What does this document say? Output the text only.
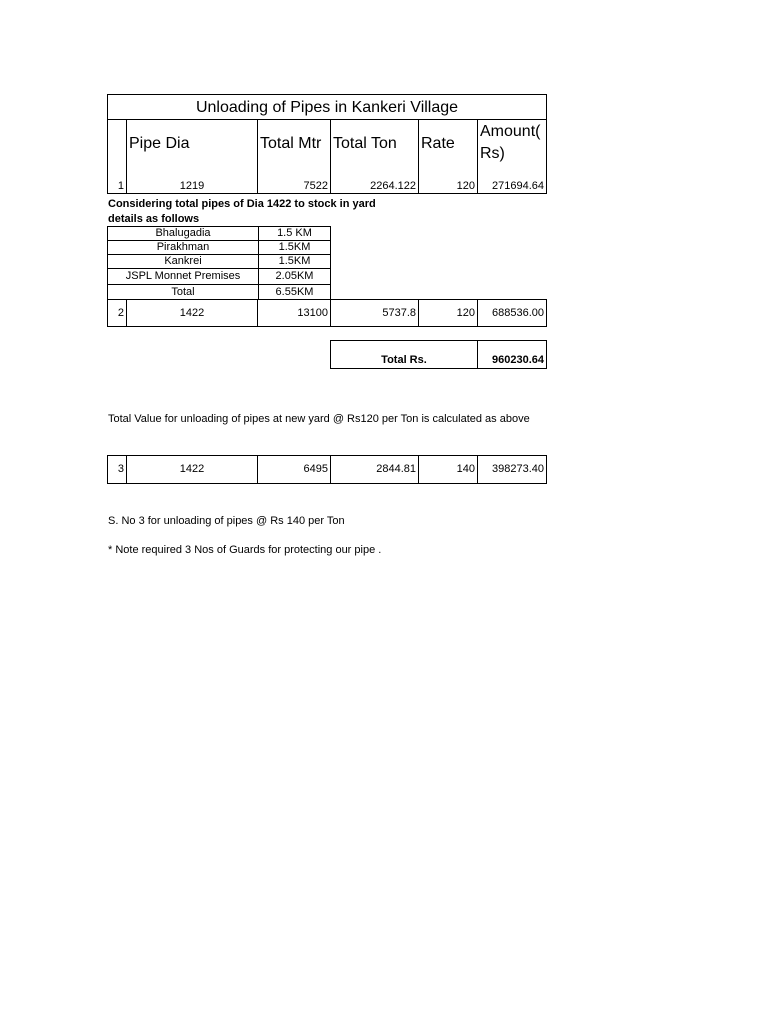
Unloading of Pipes in Kankeri Village					
	Pipe Dia	Total Mtr	Total Ton	Rate	Amount(
Rs)
1	1219	7522	2264.122	120	271694.64
Considering total pipes of Dia 1422 to stock in yard
details as follows
Bhalugadia	1.5 KM
Pirakhman	1.5KM
Kankrei	1.5KM
JSPL Monnet Premises	2.05KM
Total	6.55KM
2	1422	13100	5737.8	120	688536.00
Total Rs.	960230.64
Total Value for unloading of pipes at new yard @ Rs120 per Ton is calculated as above
3	1422	6495	2844.81	140	398273.40
S. No 3 for unloading of pipes @ Rs 140 per Ton
* Note required 3 Nos of Guards for protecting our pipe .
